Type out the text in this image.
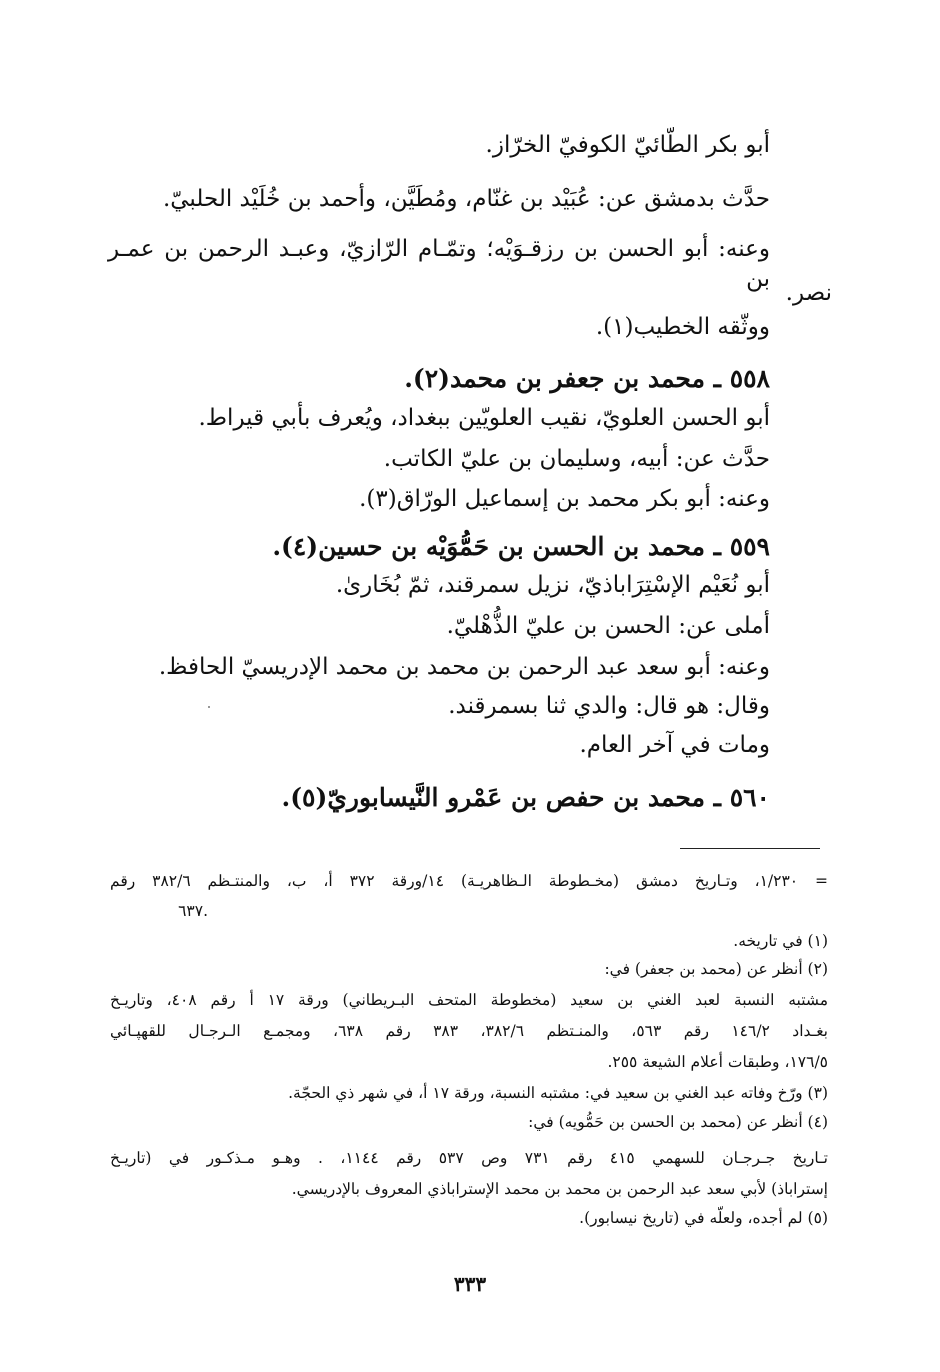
أبو بكر الطّائيّ الكوفيّ الخرّاز.
حدَّث بدمشق عن: عُبَيْد بن غنّام، ومُطَيَّن، وأحمد بن خُلَيْد الحلبيّ.
وعنه: أبو الحسن بن رزقـوَيْه؛ وتمّـام الرّازيّ، وعبـد الرحمن بن عمـر بن
نصر.
ووثّقه الخطيب(١).
٥٥٨ ـ محمد بن جعفر بن محمد(٢).
أبو الحسن العلويّ، نقيب العلويّين ببغداد، ويُعرف بأبي قيراط.
حدَّث عن: أبيه، وسليمان بن عليّ الكاتب.
وعنه: أبو بكر محمد بن إسماعيل الورّاق(٣).
٥٥٩ ـ محمد بن الحسن بن حَمُّوَيْه بن حسين(٤).
أبو نُعَيْم الإسْتِرَاباذيّ، نزيل سمرقند، ثمّ بُخَارىٰ.
أملى عن: الحسن بن عليّ الذُّهْليّ.
وعنه: أبو سعد عبد الرحمن بن محمد بن محمد الإدريسيّ الحافظ.
وقال: هو قال: والدي ثنا بسمرقند.
ومات في آخر العام.
٥٦٠ ـ محمد بن حفص بن عَمْرو النَّيسابوريّ(٥).
= ١/٢٣٠، وتـاريخ دمشق (مخـطوطة الـظاهريـة) ١٤/ورقة ٣٧٢ أ، ب، والمنتـظم ٣٨٢/٦ رقم
.٦٣٧
(١) في تاريخه.
(٢) أنظر عن (محمد بن جعفر) في:
مشتبه النسبة لعبد الغني بن سعيد (مخطوطة المتحف البـريطاني) ورقة ١٧ أ رقم ٤٠٨، وتاريـخ
بغـداد ١٤٦/٢ رقم ٥٦٣، والمنـتظم ٣٨٢/٦، ٣٨٣ رقم ٦٣٨، ومجمـع الـرجـال للقهپـائي
١٧٦/٥، وطبقات أعلام الشيعة ٢٥٥.
(٣) ورّخ وفاته عبد الغني بن سعيد في: مشتبه النسبة، ورقة ١٧ أ، في شهر ذي الحجّة.
(٤) أنظر عن (محمد بن الحسن بن حَمُّويه) في:
تـاريخ جـرجـان للسهمي ٤١٥ رقم ٧٣١ وص ٥٣٧ رقم ١١٤٤، . وهـو مـذكـور في (تاريـخ
إستراباذ) لأبي سعد عبد الرحمن بن محمد بن محمد الإستراباذي المعروف بالإدريسي.
(٥) لم أجده، ولعلّه في (تاريخ نيسابور).
٣٣٣
